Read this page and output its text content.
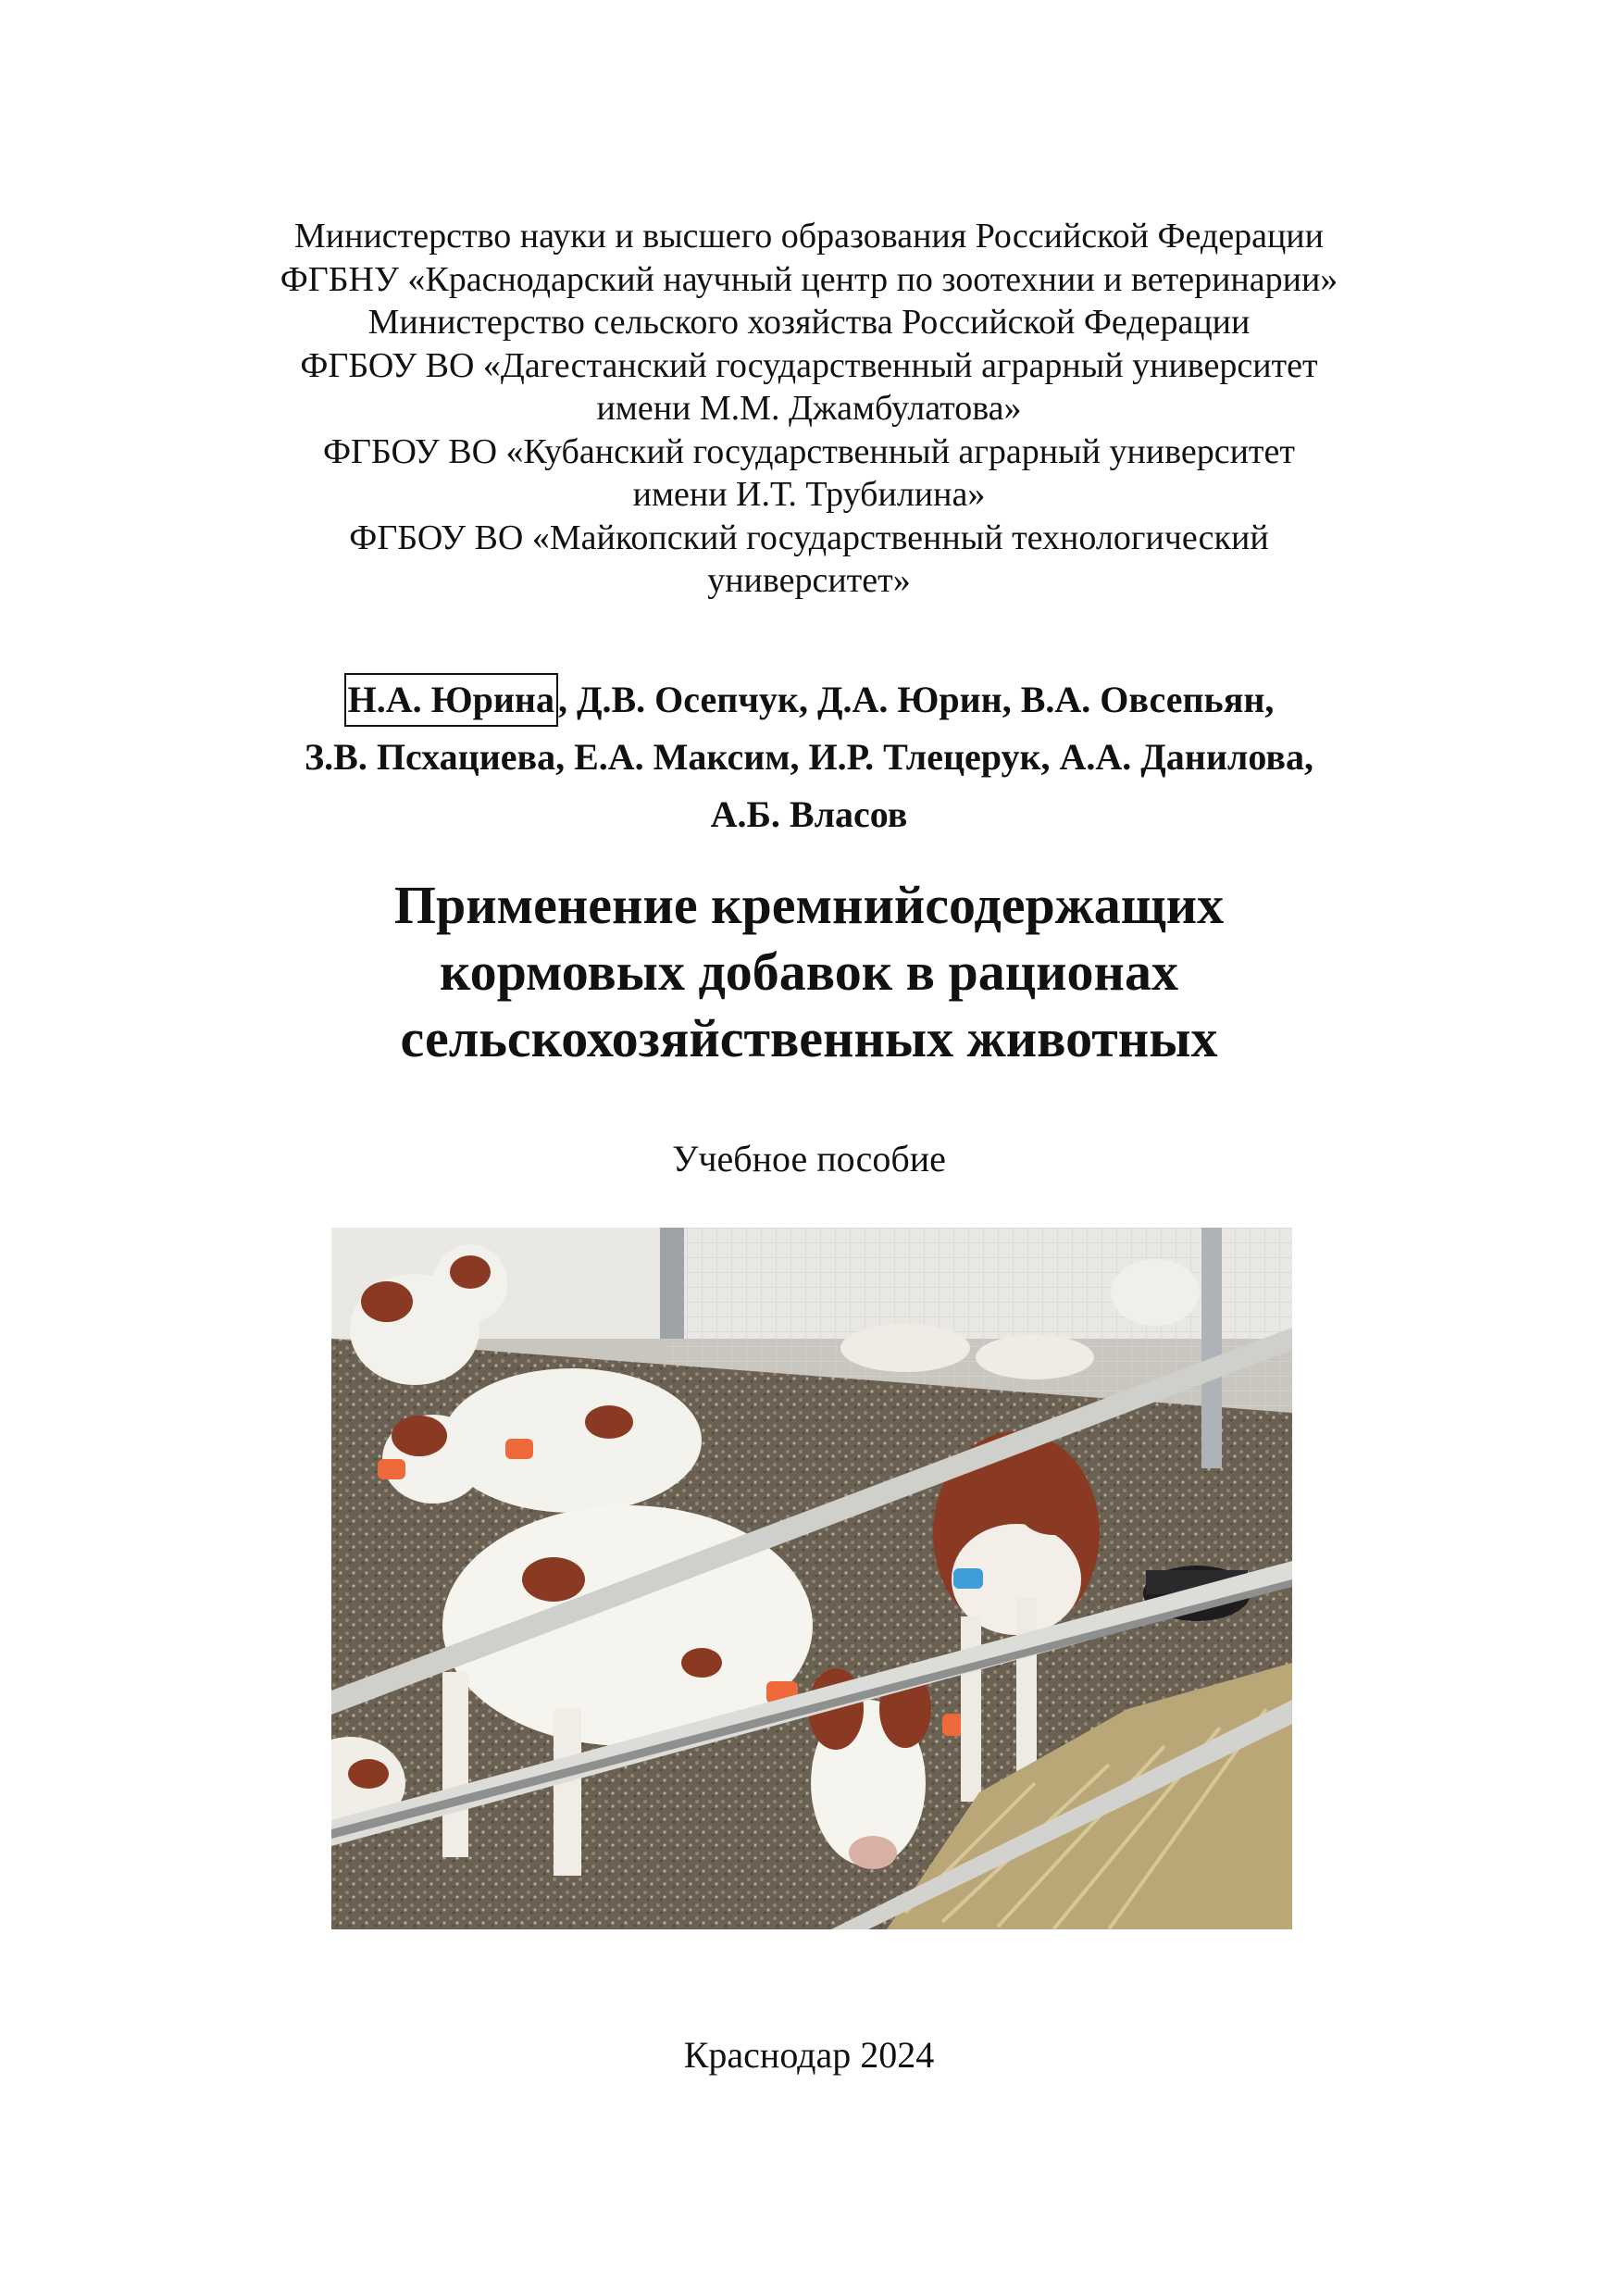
Министерство науки и высшего образования Российской Федерации
ФГБНУ «Краснодарский научный центр по зоотехнии и ветеринарии»
Министерство сельского хозяйства Российской Федерации
ФГБОУ ВО «Дагестанский государственный аграрный университет
имени М.М. Джамбулатова»
ФГБОУ ВО «Кубанский государственный аграрный университет
имени И.Т. Трубилина»
ФГБОУ ВО «Майкопский государственный технологический
университет»
Н.А. Юрина , Д.В. Осепчук, Д.А. Юрин, В.А. Овсепьян,
З.В. Псхациева, Е.А. Максим, И.Р. Тлецерук, А.А. Данилова,
А.Б. Власов
Применение кремнийсодержащих
кормовых добавок в рационах
сельскохозяйственных животных
Учебное пособие
Краснодар 2024
